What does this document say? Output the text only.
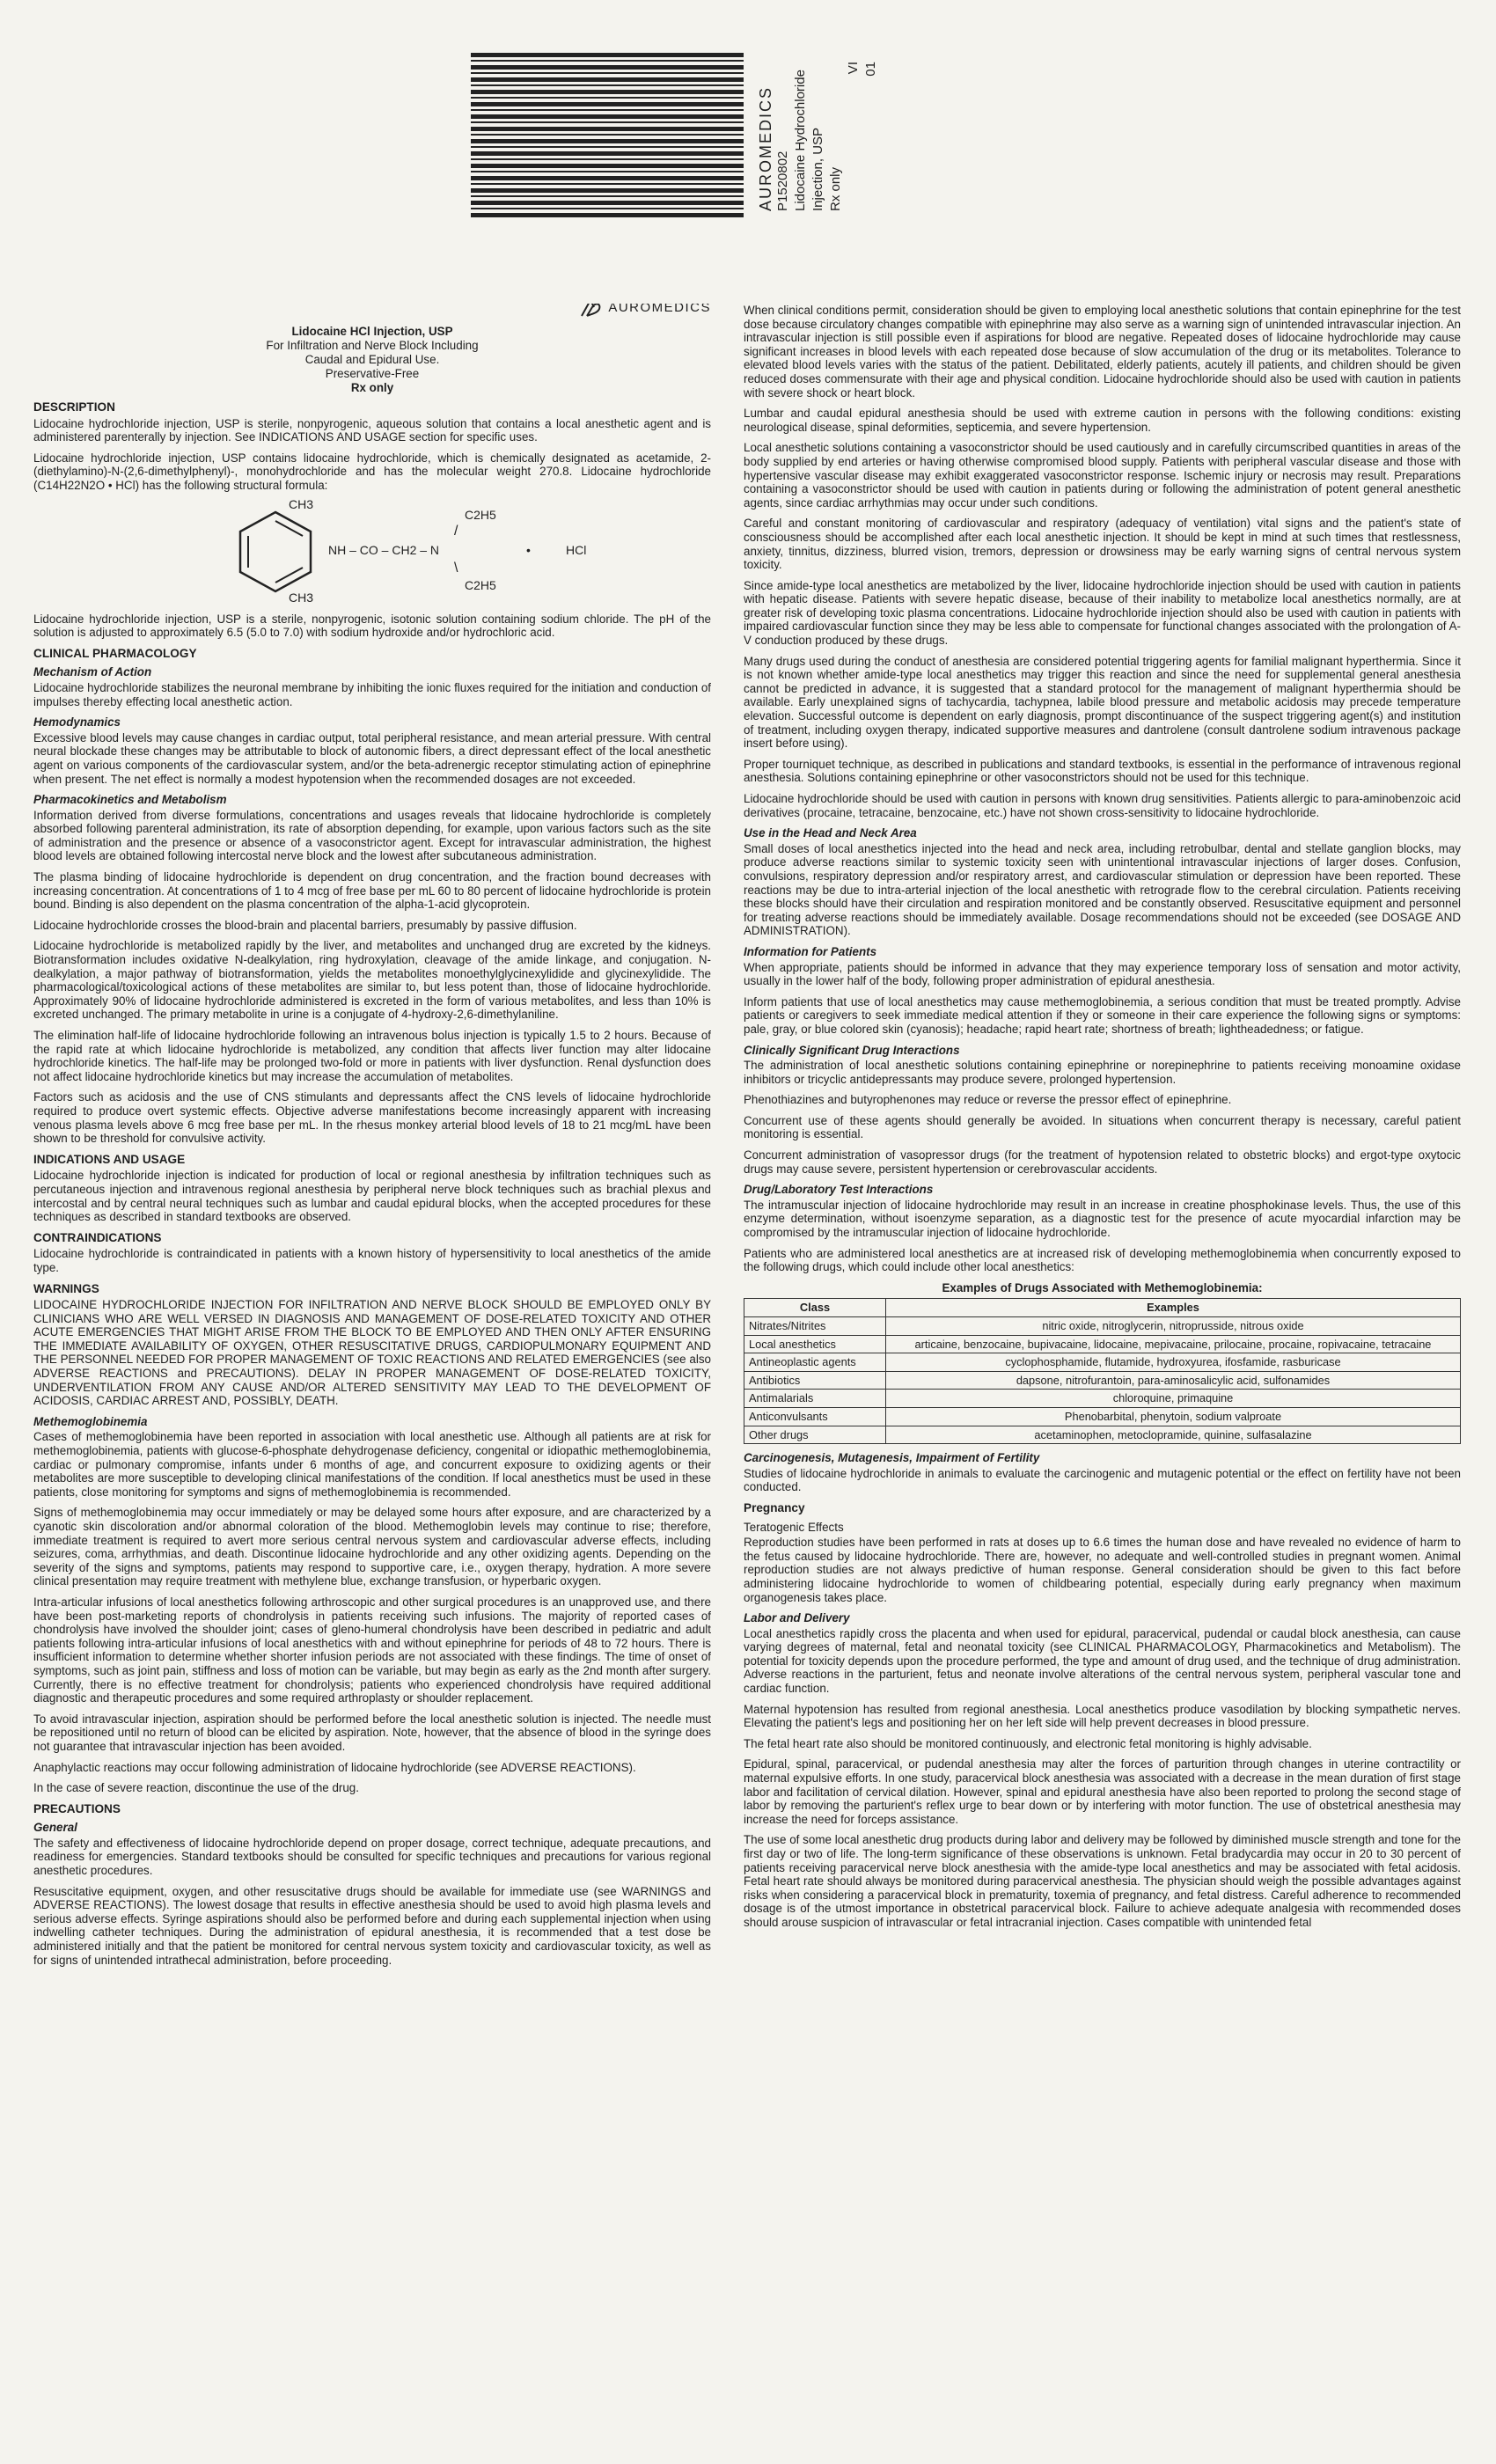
AUROMEDICS P1520802 Lidocaine Hydrochloride Injection, USP Rx only
VI 01
AUROMEDICS
Lidocaine HCl Injection, USP
For Infiltration and Nerve Block Including
Caudal and Epidural Use.
Preservative-Free
Rx only
DESCRIPTION

Lidocaine hydrochloride injection, USP is sterile, nonpyrogenic, aqueous solution that contains a local anesthetic agent and is administered parenterally by injection. See INDICATIONS AND USAGE section for specific uses.

Lidocaine hydrochloride injection, USP contains lidocaine hydrochloride, which is chemically designated as acetamide, 2-(diethylamino)-N-(2,6-dimethylphenyl)-, monohydrochloride and has the molecular weight 270.8. Lidocaine hydrochloride (C14H22N2O • HCl) has the following structural formula:

CH3
CH3
NH – CO – CH2 – N
C2H5
C2H5
/
\
•	HCl

Lidocaine hydrochloride injection, USP is a sterile, nonpyrogenic, isotonic solution containing sodium chloride. The pH of the solution is adjusted to approximately 6.5 (5.0 to 7.0) with sodium hydroxide and/or hydrochloric acid.

CLINICAL PHARMACOLOGY
Mechanism of Action

Lidocaine hydrochloride stabilizes the neuronal membrane by inhibiting the ionic fluxes required for the initiation and conduction of impulses thereby effecting local anesthetic action.

Hemodynamics

Excessive blood levels may cause changes in cardiac output, total peripheral resistance, and mean arterial pressure. With central neural blockade these changes may be attributable to block of autonomic fibers, a direct depressant effect of the local anesthetic agent on various components of the cardiovascular system, and/or the beta-adrenergic receptor stimulating action of epinephrine when present. The net effect is normally a modest hypotension when the recommended dosages are not exceeded.

Pharmacokinetics and Metabolism

Information derived from diverse formulations, concentrations and usages reveals that lidocaine hydrochloride is completely absorbed following parenteral administration, its rate of absorption depending, for example, upon various factors such as the site of administration and the presence or absence of a vasoconstrictor agent. Except for intravascular administration, the highest blood levels are obtained following intercostal nerve block and the lowest after subcutaneous administration.

The plasma binding of lidocaine hydrochloride is dependent on drug concentration, and the fraction bound decreases with increasing concentration. At concentrations of 1 to 4 mcg of free base per mL 60 to 80 percent of lidocaine hydrochloride is protein bound. Binding is also dependent on the plasma concentration of the alpha-1-acid glycoprotein.

Lidocaine hydrochloride crosses the blood-brain and placental barriers, presumably by passive diffusion.

Lidocaine hydrochloride is metabolized rapidly by the liver, and metabolites and unchanged drug are excreted by the kidneys. Biotransformation includes oxidative N-dealkylation, ring hydroxylation, cleavage of the amide linkage, and conjugation. N-dealkylation, a major pathway of biotransformation, yields the metabolites monoethylglycinexylidide and glycinexylidide. The pharmacological/toxicological actions of these metabolites are similar to, but less potent than, those of lidocaine hydrochloride. Approximately 90% of lidocaine hydrochloride administered is excreted in the form of various metabolites, and less than 10% is excreted unchanged. The primary metabolite in urine is a conjugate of 4-hydroxy-2,6-dimethylaniline.

The elimination half-life of lidocaine hydrochloride following an intravenous bolus injection is typically 1.5 to 2 hours. Because of the rapid rate at which lidocaine hydrochloride is metabolized, any condition that affects liver function may alter lidocaine hydrochloride kinetics. The half-life may be prolonged two-fold or more in patients with liver dysfunction. Renal dysfunction does not affect lidocaine hydrochloride kinetics but may increase the accumulation of metabolites.

Factors such as acidosis and the use of CNS stimulants and depressants affect the CNS levels of lidocaine hydrochloride required to produce overt systemic effects. Objective adverse manifestations become increasingly apparent with increasing venous plasma levels above 6 mcg free base per mL. In the rhesus monkey arterial blood levels of 18 to 21 mcg/mL have been shown to be threshold for convulsive activity.

INDICATIONS AND USAGE

Lidocaine hydrochloride injection is indicated for production of local or regional anesthesia by infiltration techniques such as percutaneous injection and intravenous regional anesthesia by peripheral nerve block techniques such as brachial plexus and intercostal and by central neural techniques such as lumbar and caudal epidural blocks, when the accepted procedures for these techniques as described in standard textbooks are observed.

CONTRAINDICATIONS

Lidocaine hydrochloride is contraindicated in patients with a known history of hypersensitivity to local anesthetics of the amide type.

WARNINGS

LIDOCAINE HYDROCHLORIDE INJECTION FOR INFILTRATION AND NERVE BLOCK SHOULD BE EMPLOYED ONLY BY CLINICIANS WHO ARE WELL VERSED IN DIAGNOSIS AND MANAGEMENT OF DOSE-RELATED TOXICITY AND OTHER ACUTE EMERGENCIES THAT MIGHT ARISE FROM THE BLOCK TO BE EMPLOYED AND THEN ONLY AFTER ENSURING THE IMMEDIATE AVAILABILITY OF OXYGEN, OTHER RESUSCITATIVE DRUGS, CARDIOPULMONARY EQUIPMENT AND THE PERSONNEL NEEDED FOR PROPER MANAGEMENT OF TOXIC REACTIONS AND RELATED EMERGENCIES (see also ADVERSE REACTIONS and PRECAUTIONS). DELAY IN PROPER MANAGEMENT OF DOSE-RELATED TOXICITY, UNDERVENTILATION FROM ANY CAUSE AND/OR ALTERED SENSITIVITY MAY LEAD TO THE DEVELOPMENT OF ACIDOSIS, CARDIAC ARREST AND, POSSIBLY, DEATH.

Methemoglobinemia

Cases of methemoglobinemia have been reported in association with local anesthetic use. Although all patients are at risk for methemoglobinemia, patients with glucose-6-phosphate dehydrogenase deficiency, congenital or idiopathic methemoglobinemia, cardiac or pulmonary compromise, infants under 6 months of age, and concurrent exposure to oxidizing agents or their metabolites are more susceptible to developing clinical manifestations of the condition. If local anesthetics must be used in these patients, close monitoring for symptoms and signs of methemoglobinemia is recommended.

Signs of methemoglobinemia may occur immediately or may be delayed some hours after exposure, and are characterized by a cyanotic skin discoloration and/or abnormal coloration of the blood. Methemoglobin levels may continue to rise; therefore, immediate treatment is required to avert more serious central nervous system and cardiovascular adverse effects, including seizures, coma, arrhythmias, and death. Discontinue lidocaine hydrochloride and any other oxidizing agents. Depending on the severity of the signs and symptoms, patients may respond to supportive care, i.e., oxygen therapy, hydration. A more severe clinical presentation may require treatment with methylene blue, exchange transfusion, or hyperbaric oxygen.

Intra-articular infusions of local anesthetics following arthroscopic and other surgical procedures is an unapproved use, and there have been post-marketing reports of chondrolysis in patients receiving such infusions. The majority of reported cases of chondrolysis have involved the shoulder joint; cases of gleno-humeral chondrolysis have been described in pediatric and adult patients following intra-articular infusions of local anesthetics with and without epinephrine for periods of 48 to 72 hours. There is insufficient information to determine whether shorter infusion periods are not associated with these findings. The time of onset of symptoms, such as joint pain, stiffness and loss of motion can be variable, but may begin as early as the 2nd month after surgery. Currently, there is no effective treatment for chondrolysis; patients who experienced chondrolysis have required additional diagnostic and therapeutic procedures and some required arthroplasty or shoulder replacement.

To avoid intravascular injection, aspiration should be performed before the local anesthetic solution is injected. The needle must be repositioned until no return of blood can be elicited by aspiration. Note, however, that the absence of blood in the syringe does not guarantee that intravascular injection has been avoided.

Anaphylactic reactions may occur following administration of lidocaine hydrochloride (see ADVERSE REACTIONS).

In the case of severe reaction, discontinue the use of the drug.

PRECAUTIONS
General

The safety and effectiveness of lidocaine hydrochloride depend on proper dosage, correct technique, adequate precautions, and readiness for emergencies. Standard textbooks should be consulted for specific techniques and precautions for various regional anesthetic procedures.

Resuscitative equipment, oxygen, and other resuscitative drugs should be available for immediate use (see WARNINGS and ADVERSE REACTIONS). The lowest dosage that results in effective anesthesia should be used to avoid high plasma levels and serious adverse effects. Syringe aspirations should also be performed before and during each supplemental injection when using indwelling catheter techniques. During the administration of epidural anesthesia, it is recommended that a test dose be administered initially and that the patient be monitored for central nervous system toxicity and cardiovascular toxicity, as well as for signs of unintended intrathecal administration, before proceeding.

When clinical conditions permit, consideration should be given to employing local anesthetic solutions that contain epinephrine for the test dose because circulatory changes compatible with epinephrine may also serve as a warning sign of unintended intravascular injection. An intravascular injection is still possible even if aspirations for blood are negative. Repeated doses of lidocaine hydrochloride may cause significant increases in blood levels with each repeated dose because of slow accumulation of the drug or its metabolites. Tolerance to elevated blood levels varies with the status of the patient. Debilitated, elderly patients, acutely ill patients, and children should be given reduced doses commensurate with their age and physical condition. Lidocaine hydrochloride should also be used with caution in patients with severe shock or heart block.

Lumbar and caudal epidural anesthesia should be used with extreme caution in persons with the following conditions: existing neurological disease, spinal deformities, septicemia, and severe hypertension.

Local anesthetic solutions containing a vasoconstrictor should be used cautiously and in carefully circumscribed quantities in areas of the body supplied by end arteries or having otherwise compromised blood supply. Patients with peripheral vascular disease and those with hypertensive vascular disease may exhibit exaggerated vasoconstrictor response. Ischemic injury or necrosis may result. Preparations containing a vasoconstrictor should be used with caution in patients during or following the administration of potent general anesthetic agents, since cardiac arrhythmias may occur under such conditions.

Careful and constant monitoring of cardiovascular and respiratory (adequacy of ventilation) vital signs and the patient's state of consciousness should be accomplished after each local anesthetic injection. It should be kept in mind at such times that restlessness, anxiety, tinnitus, dizziness, blurred vision, tremors, depression or drowsiness may be early warning signs of central nervous system toxicity.

Since amide-type local anesthetics are metabolized by the liver, lidocaine hydrochloride injection should be used with caution in patients with hepatic disease. Patients with severe hepatic disease, because of their inability to metabolize local anesthetics normally, are at greater risk of developing toxic plasma concentrations. Lidocaine hydrochloride injection should also be used with caution in patients with impaired cardiovascular function since they may be less able to compensate for functional changes associated with the prolongation of A-V conduction produced by these drugs.

Many drugs used during the conduct of anesthesia are considered potential triggering agents for familial malignant hyperthermia. Since it is not known whether amide-type local anesthetics may trigger this reaction and since the need for supplemental general anesthesia cannot be predicted in advance, it is suggested that a standard protocol for the management of malignant hyperthermia should be available. Early unexplained signs of tachycardia, tachypnea, labile blood pressure and metabolic acidosis may precede temperature elevation. Successful outcome is dependent on early diagnosis, prompt discontinuance of the suspect triggering agent(s) and institution of treatment, including oxygen therapy, indicated supportive measures and dantrolene (consult dantrolene sodium intravenous package insert before using).

Proper tourniquet technique, as described in publications and standard textbooks, is essential in the performance of intravenous regional anesthesia. Solutions containing epinephrine or other vasoconstrictors should not be used for this technique.

Lidocaine hydrochloride should be used with caution in persons with known drug sensitivities. Patients allergic to para-aminobenzoic acid derivatives (procaine, tetracaine, benzocaine, etc.) have not shown cross-sensitivity to lidocaine hydrochloride.

Use in the Head and Neck Area

Small doses of local anesthetics injected into the head and neck area, including retrobulbar, dental and stellate ganglion blocks, may produce adverse reactions similar to systemic toxicity seen with unintentional intravascular injections of larger doses. Confusion, convulsions, respiratory depression and/or respiratory arrest, and cardiovascular stimulation or depression have been reported. These reactions may be due to intra-arterial injection of the local anesthetic with retrograde flow to the cerebral circulation. Patients receiving these blocks should have their circulation and respiration monitored and be constantly observed. Resuscitative equipment and personnel for treating adverse reactions should be immediately available. Dosage recommendations should not be exceeded (see DOSAGE AND ADMINISTRATION).

Information for Patients

When appropriate, patients should be informed in advance that they may experience temporary loss of sensation and motor activity, usually in the lower half of the body, following proper administration of epidural anesthesia.

Inform patients that use of local anesthetics may cause methemoglobinemia, a serious condition that must be treated promptly. Advise patients or caregivers to seek immediate medical attention if they or someone in their care experience the following signs or symptoms: pale, gray, or blue colored skin (cyanosis); headache; rapid heart rate; shortness of breath; lightheadedness; or fatigue.

Clinically Significant Drug Interactions

The administration of local anesthetic solutions containing epinephrine or norepinephrine to patients receiving monoamine oxidase inhibitors or tricyclic antidepressants may produce severe, prolonged hypertension.

Phenothiazines and butyrophenones may reduce or reverse the pressor effect of epinephrine.

Concurrent use of these agents should generally be avoided. In situations when concurrent therapy is necessary, careful patient monitoring is essential.

Concurrent administration of vasopressor drugs (for the treatment of hypotension related to obstetric blocks) and ergot-type oxytocic drugs may cause severe, persistent hypertension or cerebrovascular accidents.

Drug/Laboratory Test Interactions

The intramuscular injection of lidocaine hydrochloride may result in an increase in creatine phosphokinase levels. Thus, the use of this enzyme determination, without isoenzyme separation, as a diagnostic test for the presence of acute myocardial infarction may be compromised by the intramuscular injection of lidocaine hydrochloride.

Patients who are administered local anesthetics are at increased risk of developing methemoglobinemia when concurrently exposed to the following drugs, which could include other local anesthetics:

Examples of Drugs Associated with Methemoglobinemia:
Class	Examples
Nitrates/Nitrites	nitric oxide, nitroglycerin, nitroprusside, nitrous oxide
Local anesthetics	articaine, benzocaine, bupivacaine, lidocaine, mepivacaine, prilocaine, procaine, ropivacaine, tetracaine
Antineoplastic agents	cyclophosphamide, flutamide, hydroxyurea, ifosfamide, rasburicase
Antibiotics	dapsone, nitrofurantoin, para-aminosalicylic acid, sulfonamides
Antimalarials	chloroquine, primaquine
Anticonvulsants	Phenobarbital, phenytoin, sodium valproate
Other drugs	acetaminophen, metoclopramide, quinine, sulfasalazine
Carcinogenesis, Mutagenesis, Impairment of Fertility

Studies of lidocaine hydrochloride in animals to evaluate the carcinogenic and mutagenic potential or the effect on fertility have not been conducted.

Pregnancy
Teratogenic Effects

Reproduction studies have been performed in rats at doses up to 6.6 times the human dose and have revealed no evidence of harm to the fetus caused by lidocaine hydrochloride. There are, however, no adequate and well-controlled studies in pregnant women. Animal reproduction studies are not always predictive of human response. General consideration should be given to this fact before administering lidocaine hydrochloride to women of childbearing potential, especially during early pregnancy when maximum organogenesis takes place.

Labor and Delivery

Local anesthetics rapidly cross the placenta and when used for epidural, paracervical, pudendal or caudal block anesthesia, can cause varying degrees of maternal, fetal and neonatal toxicity (see CLINICAL PHARMACOLOGY, Pharmacokinetics and Metabolism). The potential for toxicity depends upon the procedure performed, the type and amount of drug used, and the technique of drug administration. Adverse reactions in the parturient, fetus and neonate involve alterations of the central nervous system, peripheral vascular tone and cardiac function.

Maternal hypotension has resulted from regional anesthesia. Local anesthetics produce vasodilation by blocking sympathetic nerves. Elevating the patient's legs and positioning her on her left side will help prevent decreases in blood pressure.

The fetal heart rate also should be monitored continuously, and electronic fetal monitoring is highly advisable.

Epidural, spinal, paracervical, or pudendal anesthesia may alter the forces of parturition through changes in uterine contractility or maternal expulsive efforts. In one study, paracervical block anesthesia was associated with a decrease in the mean duration of first stage labor and facilitation of cervical dilation. However, spinal and epidural anesthesia have also been reported to prolong the second stage of labor by removing the parturient's reflex urge to bear down or by interfering with motor function. The use of obstetrical anesthesia may increase the need for forceps assistance.

The use of some local anesthetic drug products during labor and delivery may be followed by diminished muscle strength and tone for the first day or two of life. The long-term significance of these observations is unknown. Fetal bradycardia may occur in 20 to 30 percent of patients receiving paracervical nerve block anesthesia with the amide-type local anesthetics and may be associated with fetal acidosis. Fetal heart rate should always be monitored during paracervical anesthesia. The physician should weigh the possible advantages against risks when considering a paracervical block in prematurity, toxemia of pregnancy, and fetal distress. Careful adherence to recommended dosage is of the utmost importance in obstetrical paracervical block. Failure to achieve adequate analgesia with recommended doses should arouse suspicion of intravascular or fetal intracranial injection. Cases compatible with unintended fetal
